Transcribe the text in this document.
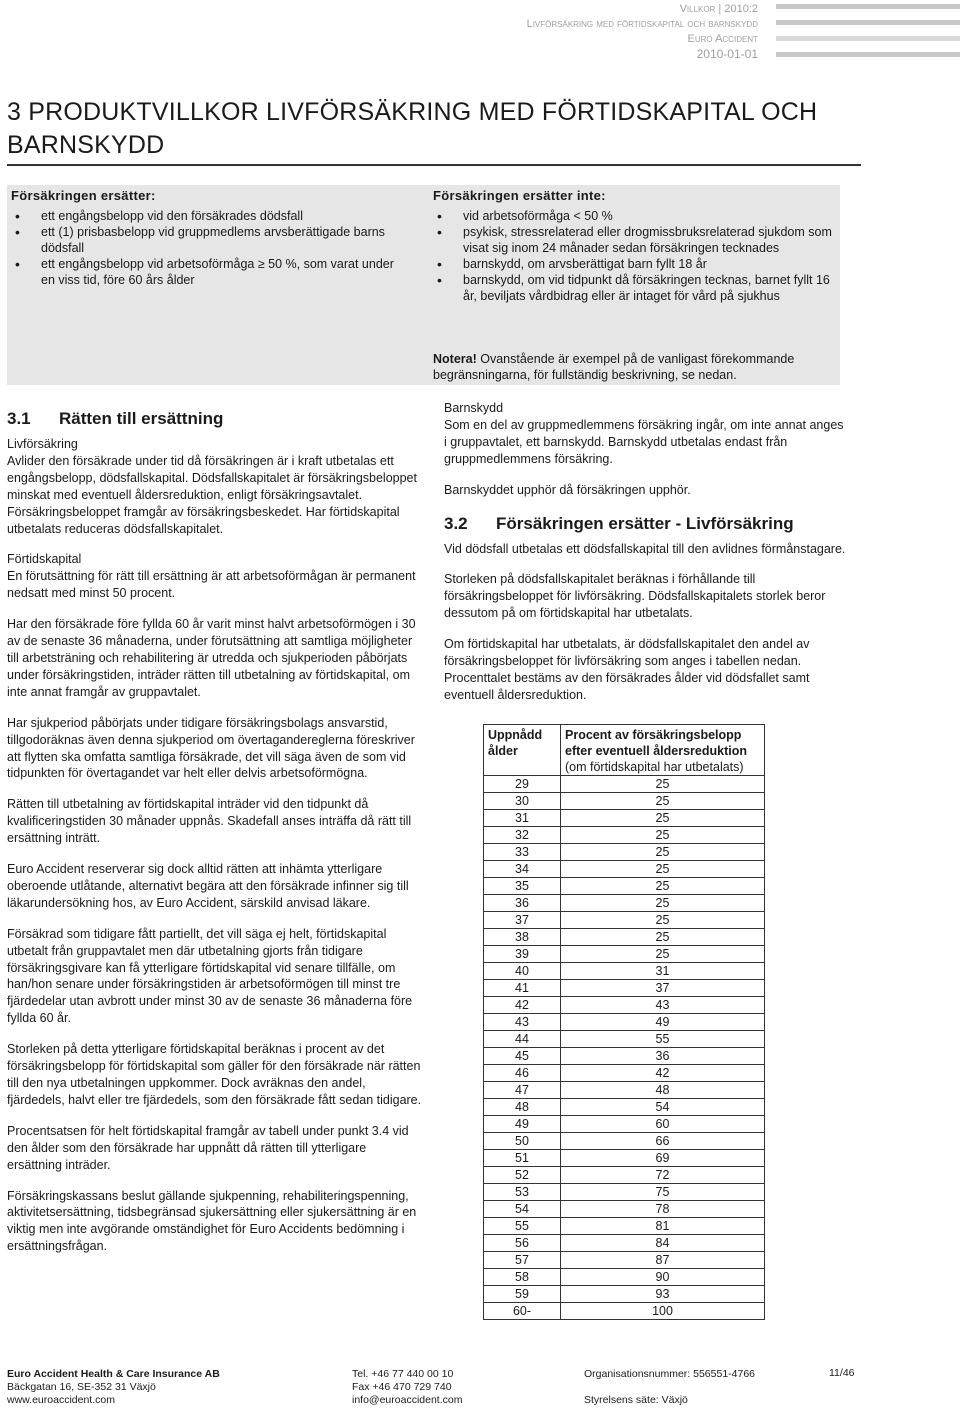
Villkor | 2010:2
Livförsäkring med förtidskapital och barnskydd
Euro Accident
2010-01-01
3 PRODUKTVILLKOR LIVFÖRSÄKRING MED FÖRTIDSKAPITAL OCH BARNSKYDD
Försäkringen ersätter:
• ett engångsbelopp vid den försäkrades dödsfall
• ett (1) prisbasbelopp vid gruppmedlems arvsberättigade barns dödsfall
• ett engångsbelopp vid arbetsoförmåga ≥ 50 %, som varat under en viss tid, före 60 års ålder
Försäkringen ersätter inte:
• vid arbetsoförmåga < 50 %
• psykisk, stressrelaterad eller drogmissbruksrelaterad sjukdom som visat sig inom 24 månader sedan försäkringen tecknades
• barnskydd, om arvsberättigat barn fyllt 18 år
• barnskydd, om vid tidpunkt då försäkringen tecknas, barnet fyllt 16 år, beviljats vårdbidrag eller är intaget för vård på sjukhus
Notera! Ovanstående är exempel på de vanligast förekommande begränsningarna, för fullständig beskrivning, se nedan.
3.1 Rätten till ersättning
Livförsäkring

Avlider den försäkrade under tid då försäkringen är i kraft utbetalas ett engångsbelopp, dödsfallskapital. Dödsfallskapitalet är försäkringsbeloppet minskat med eventuell åldersreduktion, enligt försäkringsavtalet. Försäkringsbeloppet framgår av försäkringsbeskedet. Har förtidskapital utbetalats reduceras dödsfallskapitalet.

Förtidskapital

En förutsättning för rätt till ersättning är att arbetsoförmågan är permanent nedsatt med minst 50 procent.

Har den försäkrade före fyllda 60 år varit minst halvt arbetsoförmögen i 30 av de senaste 36 månaderna, under förutsättning att samtliga möjligheter till arbetsträning och rehabilitering är utredda och sjukperioden påbörjats under försäkringstiden, inträder rätten till utbetalning av förtidskapital, om inte annat framgår av gruppavtalet.

Har sjukperiod påbörjats under tidigare försäkringsbolags ansvarstid, tillgodoräknas även denna sjukperiod om övertagandereglerna föreskriver att flytten ska omfatta samtliga försäkrade, det vill säga även de som vid tidpunkten för övertagandet var helt eller delvis arbetsoförmögna.

Rätten till utbetalning av förtidskapital inträder vid den tidpunkt då kvalificeringstiden 30 månader uppnås. Skadefall anses inträffa då rätt till ersättning inträtt.

Euro Accident reserverar sig dock alltid rätten att inhämta ytterligare oberoende utlåtande, alternativt begära att den försäkrade infinner sig till läkarundersökning hos, av Euro Accident, särskild anvisad läkare.

Försäkrad som tidigare fått partiellt, det vill säga ej helt, förtidskapital utbetalt från gruppavtalet men där utbetalning gjorts från tidigare försäkringsgivare kan få ytterligare förtidskapital vid senare tillfälle, om han/hon senare under försäkringstiden är arbetsoförmögen till minst tre fjärdedelar utan avbrott under minst 30 av de senaste 36 månaderna före fyllda 60 år.

Storleken på detta ytterligare förtidskapital beräknas i procent av det försäkringsbelopp för förtidskapital som gäller för den försäkrade när rätten till den nya utbetalningen uppkommer. Dock avräknas den andel, fjärdedels, halvt eller tre fjärdedels, som den försäkrade fått sedan tidigare.

Procentsatsen för helt förtidskapital framgår av tabell under punkt 3.4 vid den ålder som den försäkrade har uppnått då rätten till ytterligare ersättning inträder.

Försäkringskassans beslut gällande sjukpenning, rehabiliteringspenning, aktivitetsersättning, tidsbegränsad sjukersättning eller sjukersättning är en viktig men inte avgörande omständighet för Euro Accidents bedömning i ersättningsfrågan.

Barnskydd

Som en del av gruppmedlemmens försäkring ingår, om inte annat anges i gruppavtalet, ett barnskydd. Barnskydd utbetalas endast från gruppmedlemmens försäkring.

Barnskyddet upphör då försäkringen upphör.

3.2 Försäkringen ersätter - Livförsäkring

Vid dödsfall utbetalas ett dödsfallskapital till den avlidnes förmånstagare.

Storleken på dödsfallskapitalet beräknas i förhållande till försäkringsbeloppet för livförsäkring. Dödsfallskapitalets storlek beror dessutom på om förtidskapital har utbetalats.

Om förtidskapital har utbetalats, är dödsfallskapitalet den andel av försäkringsbeloppet för livförsäkring som anges i tabellen nedan. Procenttalet bestäms av den försäkrades ålder vid dödsfallet samt eventuell åldersreduktion.

Uppnådd ålder	Procent av försäkringsbelopp efter eventuell åldersreduktion
(om förtidskapital har utbetalats)
29	25
30	25
31	25
32	25
33	25
34	25
35	25
36	25
37	25
38	25
39	25
40	31
41	37
42	43
43	49
44	55
45	36
46	42
47	48
48	54
49	60
50	66
51	69
52	72
53	75
54	78
55	81
56	84
57	87
58	90
59	93
60-	100
Euro Accident Health & Care Insurance AB
Bäckgatan 16, SE-352 31 Växjö
www.euroaccident.com
Tel. +46 77 440 00 10
Fax +46 470 729 740
info@euroaccident.com
Organisationsnummer: 556551-4766

Styrelsens säte: Växjö
11/46
